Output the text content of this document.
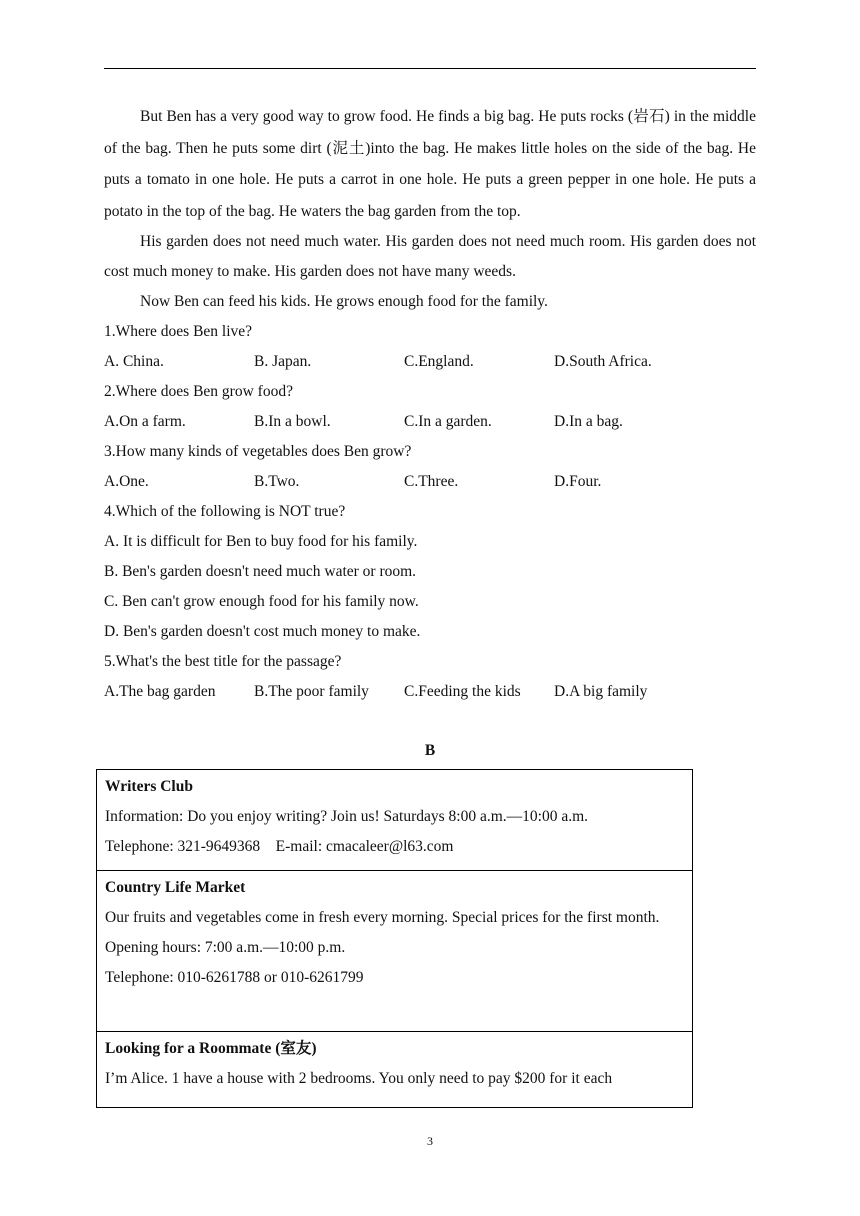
But Ben has a very good way to grow food. He finds a big bag. He puts rocks (岩石) in the middle of the bag. Then he puts some dirt (泥土)into the bag. He makes little holes on the side of the bag. He puts a tomato in one hole. He puts a carrot in one hole. He puts a green pepper in one hole. He puts a potato in the top of the bag. He waters the bag garden from the top.

His garden does not need much water. His garden does not need much room. His garden does not cost much money to make. His garden does not have many weeds.

Now Ben can feed his kids. He grows enough food for the family.

1.Where does Ben live?
A. China.	B. Japan.	C.England.	D.South Africa.
2.Where does Ben grow food?
A.On a farm.	B.In a bowl.	C.In a garden.	D.In a bag.
3.How many kinds of vegetables does Ben grow?
A.One.	B.Two.	C.Three.	D.Four.
4.Which of the following is NOT true?
A. It is difficult for Ben to buy food for his family.
B. Ben's garden doesn't need much water or room.
C. Ben can't grow enough food for his family now.
D. Ben's garden doesn't cost much money to make.
5.What's the best title for the passage?
A.The bag garden	B.The poor family	C.Feeding the kids	D.A big family
B
Writers Club
Information: Do you enjoy writing? Join us! Saturdays 8:00 a.m.—10:00 a.m.
Telephone: 321-9649368    E-mail: cmacaleer@l63.com
Country Life Market
Our fruits and vegetables come in fresh every morning. Special prices for the first month.
Opening hours: 7:00 a.m.—10:00 p.m.
Telephone: 010-6261788 or 010-6261799
Looking for a Roommate (室友)
I’m Alice. 1 have a house with 2 bedrooms. You only need to pay $200 for it each
3
